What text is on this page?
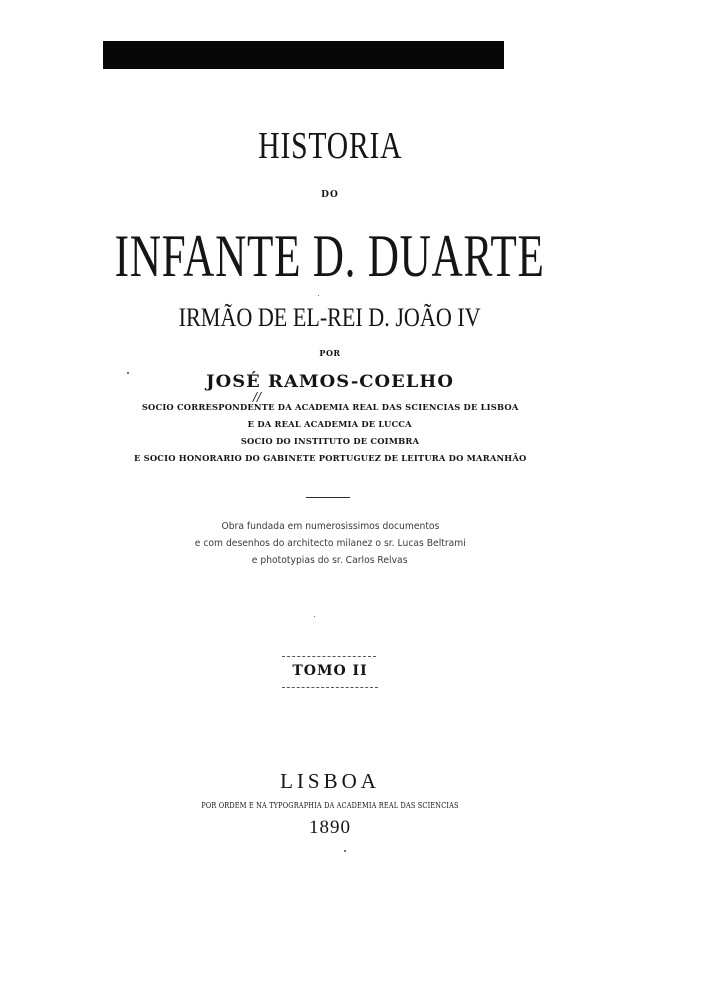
HISTORIA
DO
INFANTE D. DUARTE
IRMÃO DE EL-REI D. JOÃO IV
POR
JOSÉ RAMOS-COELHO
//
SOCIO CORRESPONDENTE DA ACADEMIA REAL DAS SCIENCIAS DE LISBOA
E DA REAL ACADEMIA DE LUCCA
SOCIO DO INSTITUTO DE COIMBRA
E SOCIO HONORARIO DO GABINETE PORTUGUEZ DE LEITURA DO MARANHÃO
Obra fundada em numerosissimos documentos
e com desenhos do architecto milanez o sr. Lucas Beltrami
e phototypias do sr. Carlos Relvas
TOMO II
LISBOA
POR ORDEM E NA TYPOGRAPHIA DA ACADEMIA REAL DAS SCIENCIAS
1890
